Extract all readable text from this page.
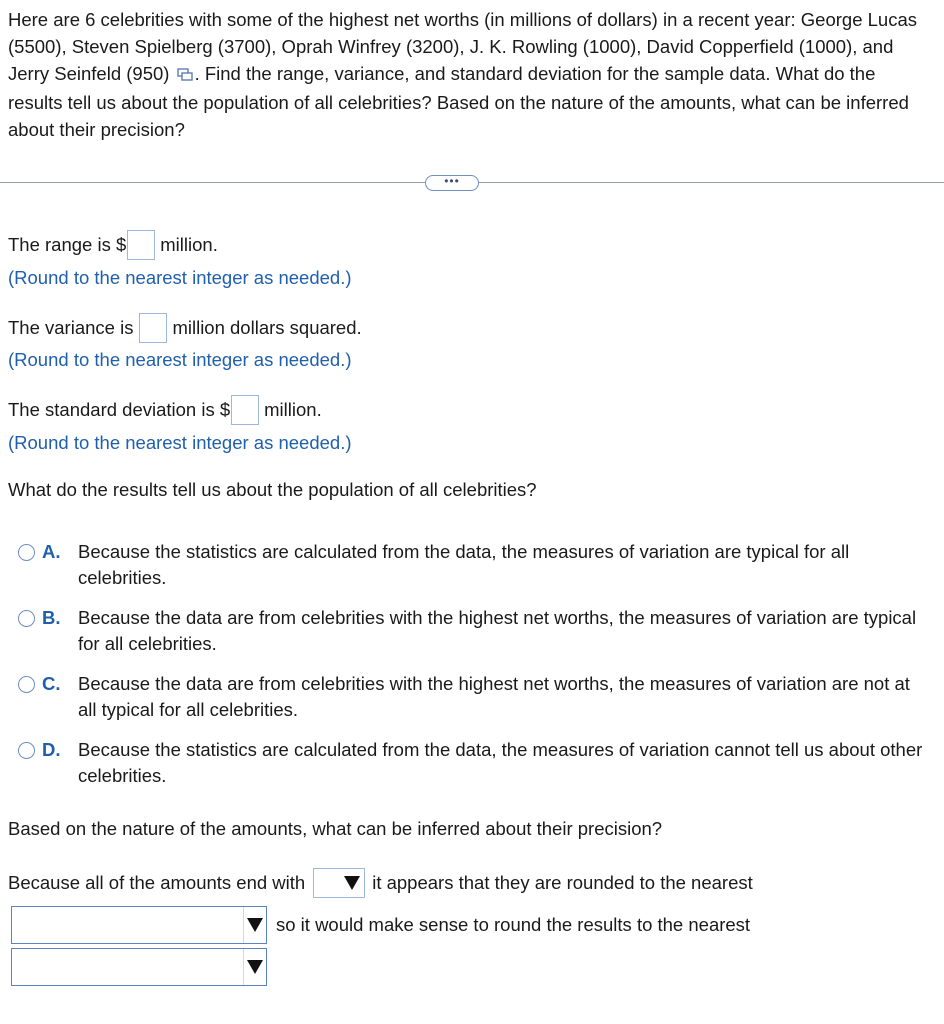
Here are 6 celebrities with some of the highest net worths (in millions of dollars) in a recent year: George Lucas (5500), Steven Spielberg (3700), Oprah Winfrey (3200), J. K. Rowling (1000), David Copperfield (1000), and Jerry Seinfeld (950) . Find the range, variance, and standard deviation for the sample data. What do the results tell us about the population of all celebrities? Based on the nature of the amounts, what can be inferred about their precision?
•••
The range is $ million.
(Round to the nearest integer as needed.)
The variance is million dollars squared.
(Round to the nearest integer as needed.)
The standard deviation is $ million.
(Round to the nearest integer as needed.)
What do the results tell us about the population of all celebrities?
A. Because the statistics are calculated from the data, the measures of variation are typical for all celebrities.
B. Because the data are from celebrities with the highest net worths, the measures of variation are typical for all celebrities.
C. Because the data are from celebrities with the highest net worths, the measures of variation are not at all typical for all celebrities.
D. Because the statistics are calculated from the data, the measures of variation cannot tell us about other celebrities.
Based on the nature of the amounts, what can be inferred about their precision?
Because all of the amounts end with	it appears that they are rounded to the nearest
so it would make sense to round the results to the nearest
